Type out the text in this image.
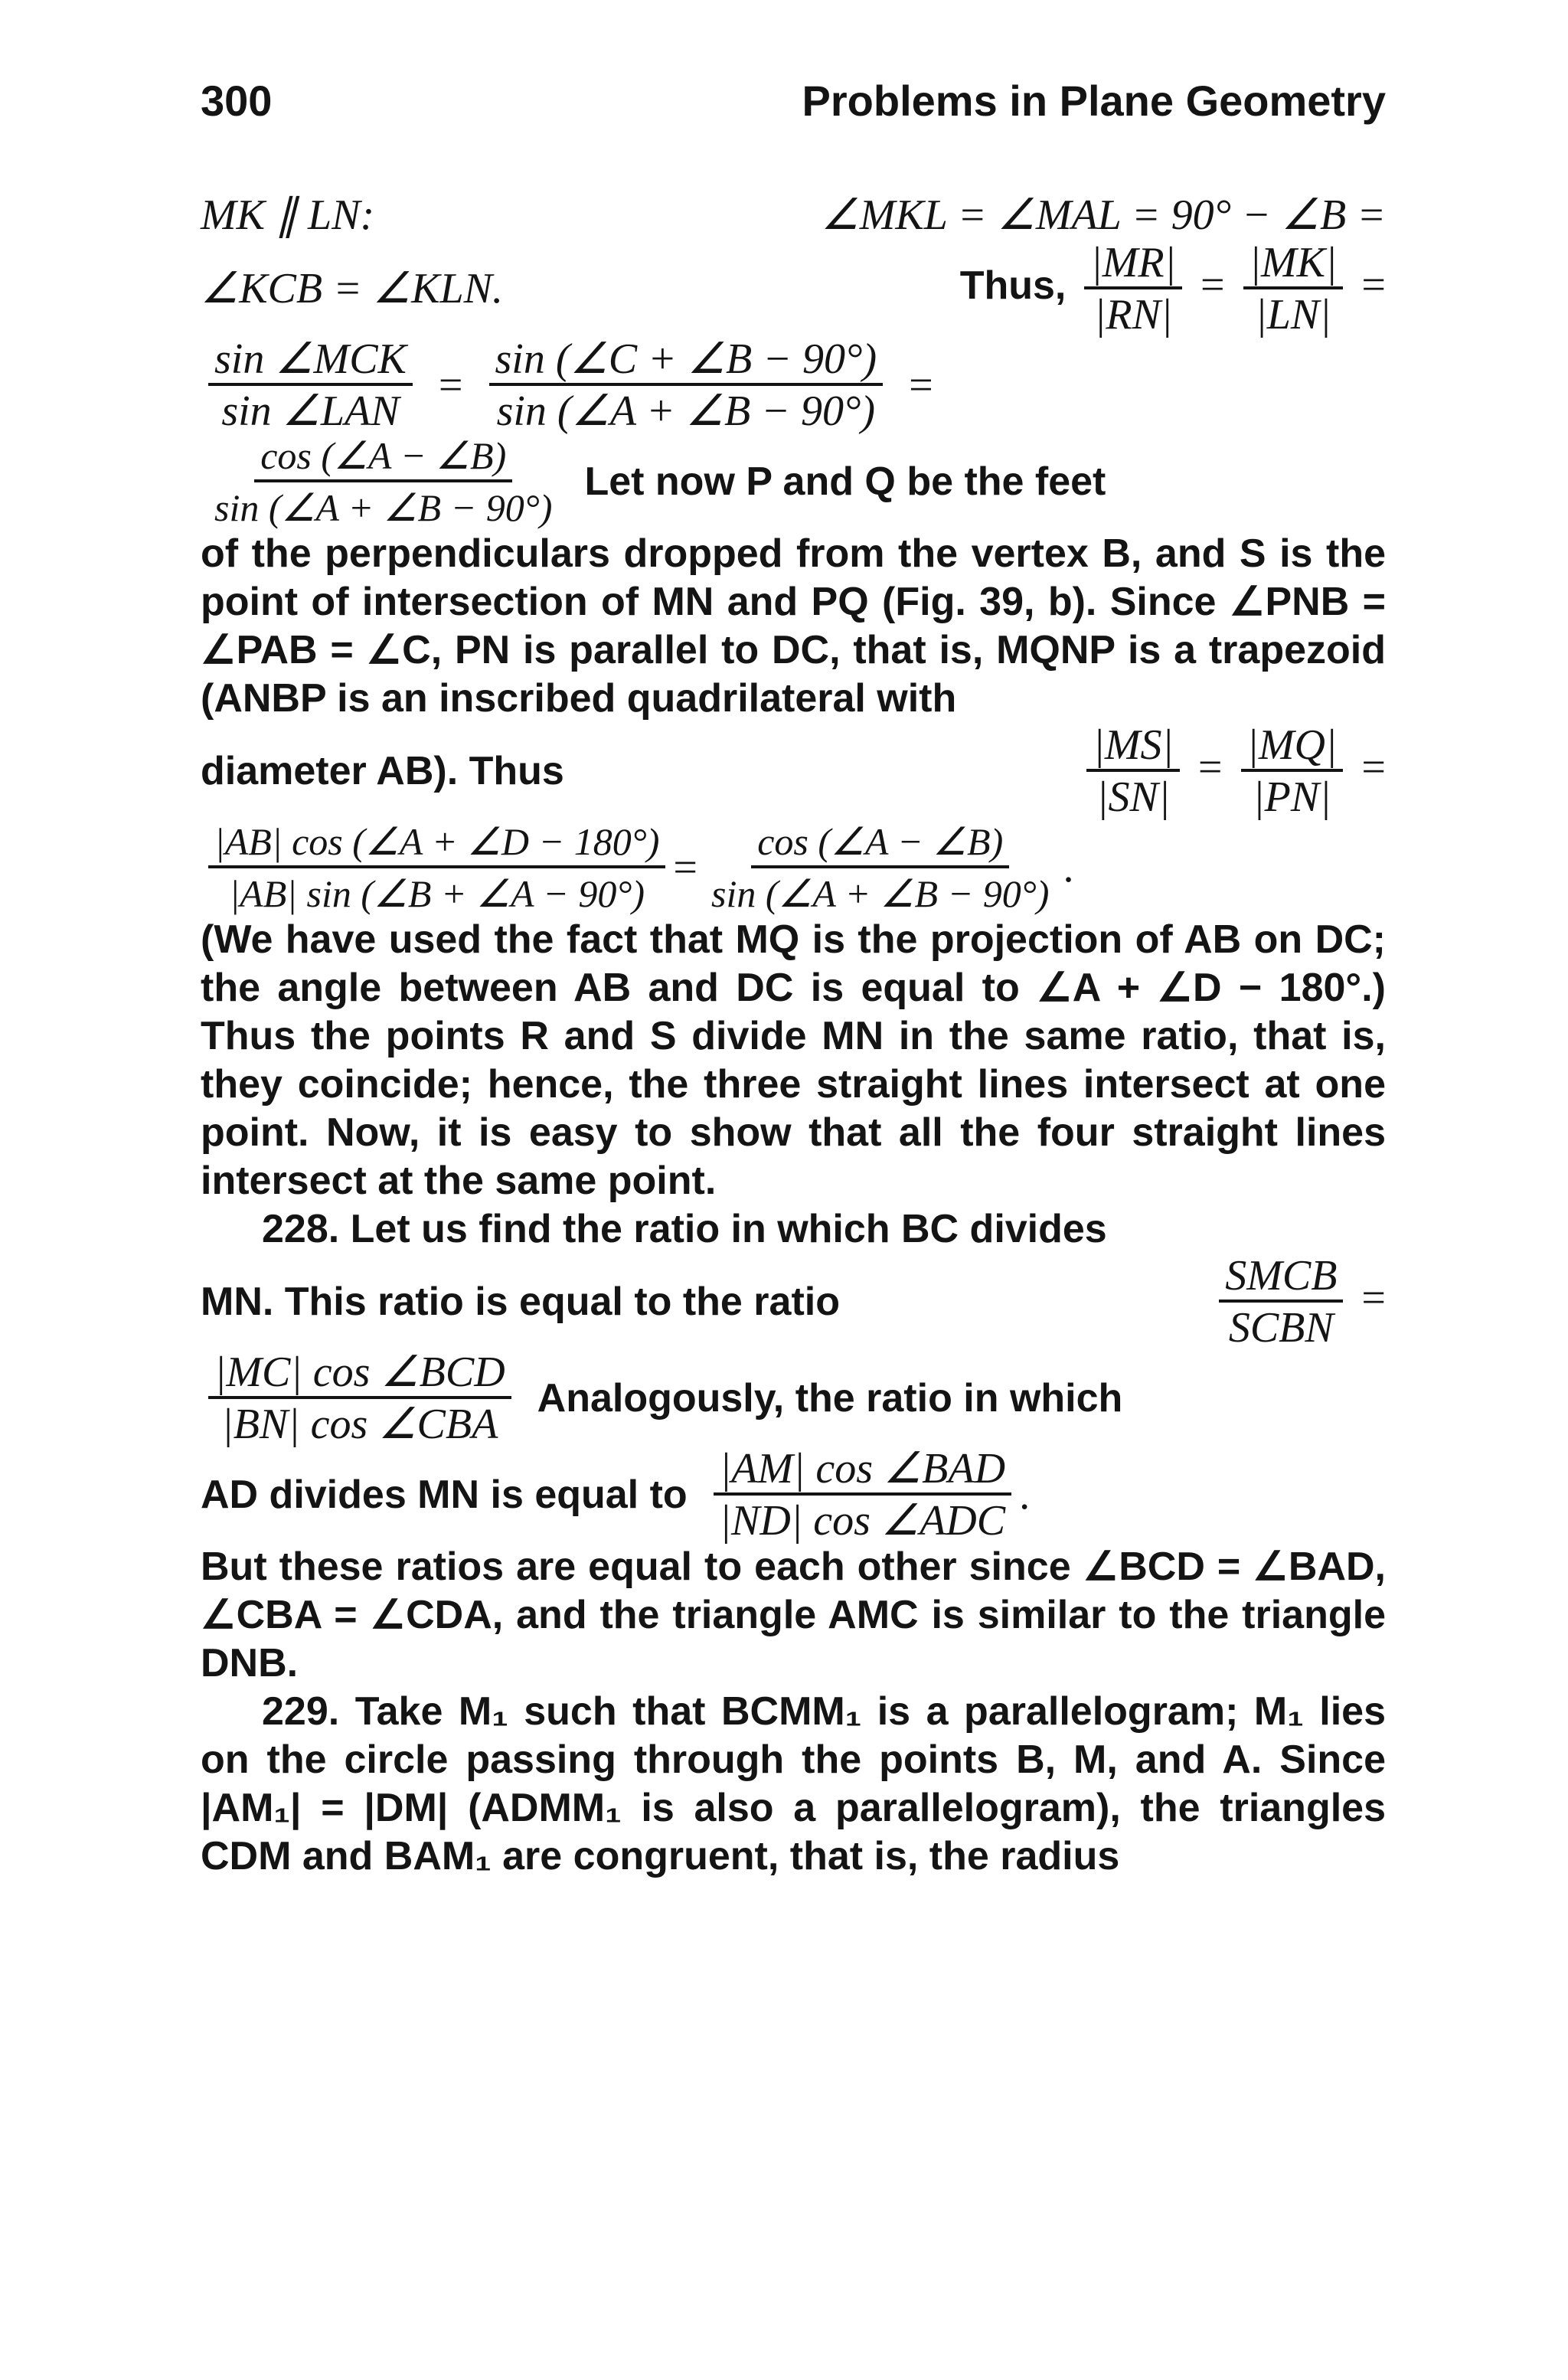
300	Problems in Plane Geometry
MK ∥ LN:	∠MKL = ∠MAL = 90° − ∠B =
∠KCB = ∠KLN.	Thus, $\frac{|MR|}{|RN|} = \frac{|MK|}{|LN|}$ =
$\frac{\text{sin ∠MCK}}{\text{sin ∠LAN}} = \frac{\sin (\angle C + \angle B - 90^\circ)}{\sin (\angle A + \angle B - 90^\circ)}$ =
$\frac{\cos (\angle A - \angle B)}{\sin (\angle A + \angle B - 90^\circ)}$ Let now P and Q be the feet
of the perpendiculars dropped from the vertex B, and S is the point of intersection of MN and PQ (Fig. 39, b). Since ∠PNB = ∠PAB = ∠C, PN is parallel to DC, that is, MQNP is a trapezoid (ANBP is an inscribed quadrilateral with
diameter AB). Thus	$\frac{|MS|}{|SN|} = \frac{|MQ|}{|PN|}$ =
$\frac{|AB| \cos (\angle A + \angle D - 180^\circ)}{|AB| \sin (\angle B + \angle A - 90^\circ)} = \frac{\cos (\angle A - \angle B)}{\sin (\angle A + \angle B - 90^\circ)}$ .
(We have used the fact that MQ is the projection of AB on DC; the angle between AB and DC is equal to ∠A + ∠D − 180°.) Thus the points R and S divide MN in the same ratio, that is, they coincide; hence, the three straight lines intersect at one point. Now, it is easy to show that all the four straight lines intersect at the same point.
228. Let us find the ratio in which BC divides
MN. This ratio is equal to the ratio	$\frac{\text{SMCB}}{\text{SCBN}}$ =
$\frac{\text{|MC| cos ∠BCD}}{\text{|BN| cos ∠CBA}}$ Analogously, the ratio in which
AD divides MN is equal to $\frac{\text{|AM| cos ∠BAD}}{\text{|ND| cos ∠ADC}}$ .
But these ratios are equal to each other since ∠BCD = ∠BAD, ∠CBA = ∠CDA, and the triangle AMC is similar to the triangle DNB.
229. Take M₁ such that BCMM₁ is a parallelogram; M₁ lies on the circle passing through the points B, M, and A. Since |AM₁| = |DM| (ADMM₁ is also a parallelogram), the triangles CDM and BAM₁ are congruent, that is, the radius
